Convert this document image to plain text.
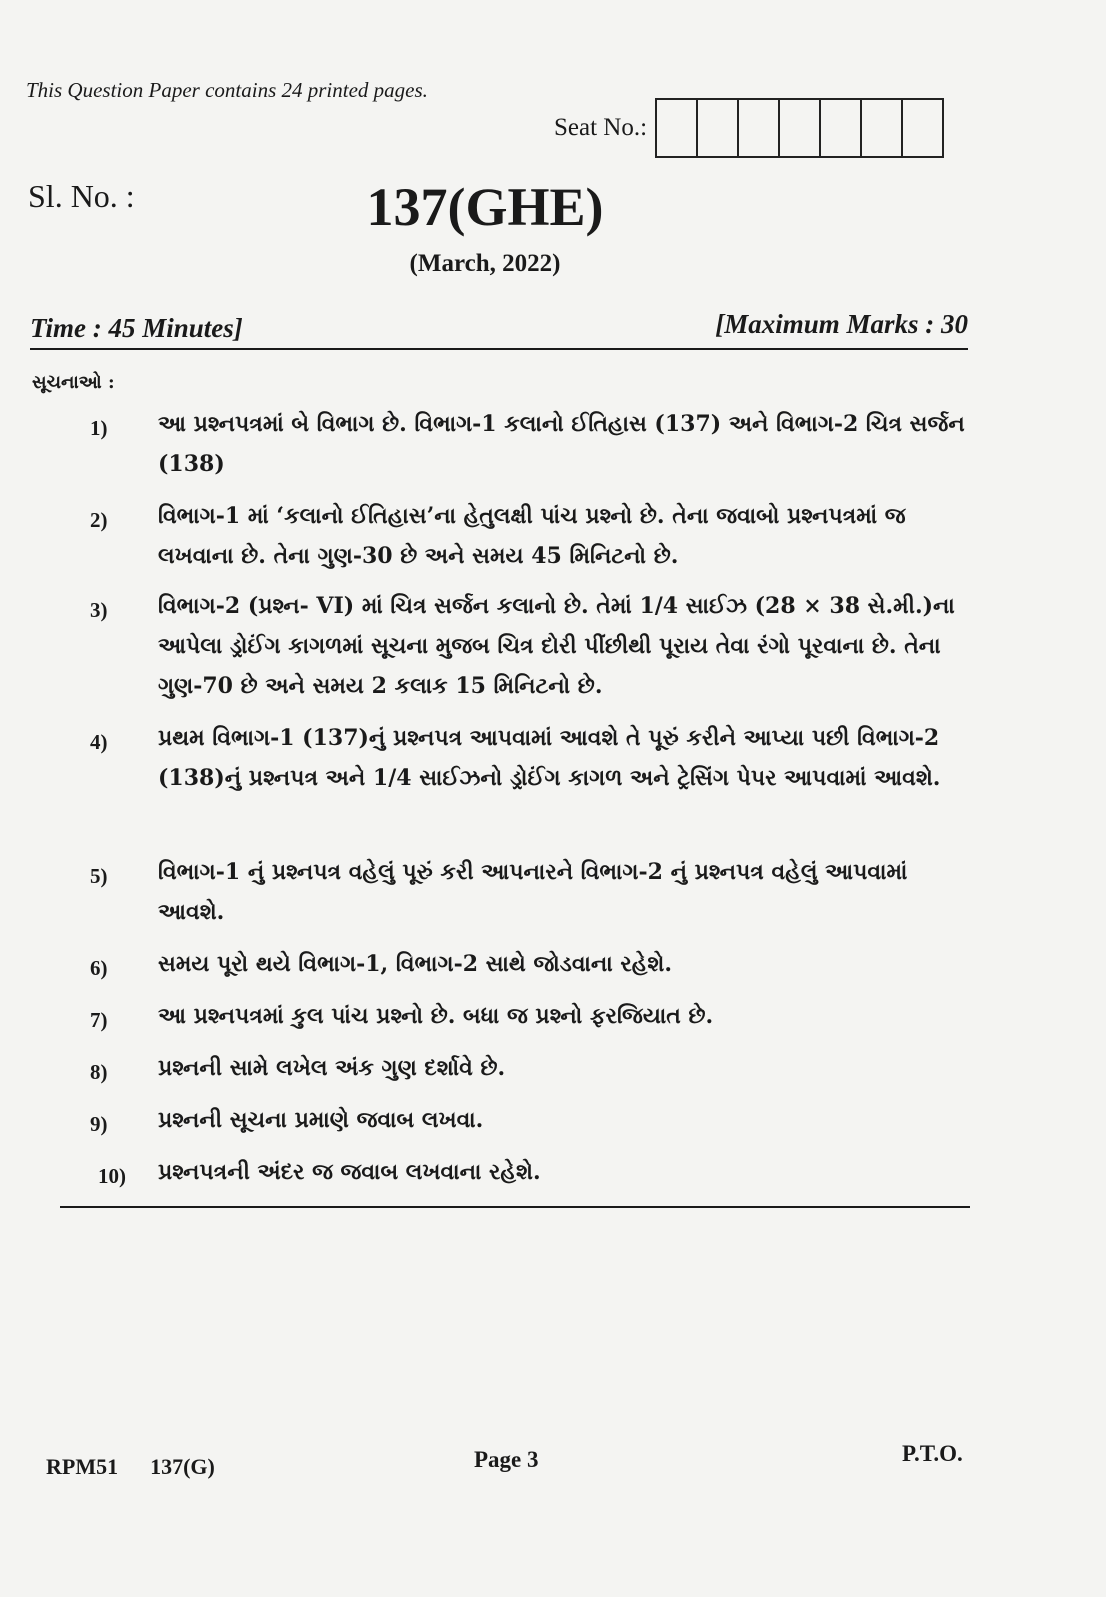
This Question Paper contains 24 printed pages.
Seat No.:
Sl. No. :	137(GHE)
(March, 2022)
Time : 45 Minutes]	[Maximum Marks : 30
સૂચનાઓ :
1)	આ પ્રશ્નપત્રમાં બે વિભાગ છે. વિભાગ-1 કલાનો ઈતિહાસ (137) અને વિભાગ-2 ચિત્ર સર્જન (138)
2)	વિભાગ-1 માં ‘કલાનો ઈતિહાસ’ના હેતુલક્ષી પાંચ પ્રશ્નો છે. તેના જવાબો પ્રશ્નપત્રમાં જ લખવાના છે. તેના ગુણ-30 છે અને સમય 45 મિનિટનો છે.
3)	વિભાગ-2 (પ્રશ્ન- VI) માં ચિત્ર સર્જન કલાનો છે. તેમાં 1/4 સાઈઝ (28 × 38 સે.મી.)ના આપેલા ડ્રોઈંગ કાગળમાં સૂચના મુજબ ચિત્ર દોરી પીંછીથી પૂરાય તેવા રંગો પૂરવાના છે. તેના ગુણ-70 છે અને સમય 2 કલાક 15 મિનિટનો છે.
4)	પ્રથમ વિભાગ-1 (137)નું પ્રશ્નપત્ર આપવામાં આવશે તે પૂરું કરીને આપ્યા પછી વિભાગ-2 (138)નું પ્રશ્નપત્ર અને 1/4 સાઈઝનો ડ્રોઈંગ કાગળ અને ટ્રેસિંગ પેપર આપવામાં આવશે.
5)	વિભાગ-1 નું પ્રશ્નપત્ર વહેલું પૂરું કરી આપનારને વિભાગ-2 નું પ્રશ્નપત્ર વહેલું આપવામાં આવશે.
6)	સમય પૂરો થયે વિભાગ-1, વિભાગ-2 સાથે જોડવાના રહેશે.
7)	આ પ્રશ્નપત્રમાં કુલ પાંચ પ્રશ્નો છે. બધા જ પ્રશ્નો ફરજિયાત છે.
8)	પ્રશ્નની સામે લખેલ અંક ગુણ દર્શાવે છે.
9)	પ્રશ્નની સૂચના પ્રમાણે જવાબ લખવા.
10)	પ્રશ્નપત્રની અંદર જ જવાબ લખવાના રહેશે.
RPM51 137(G)	Page 3	P.T.O.
